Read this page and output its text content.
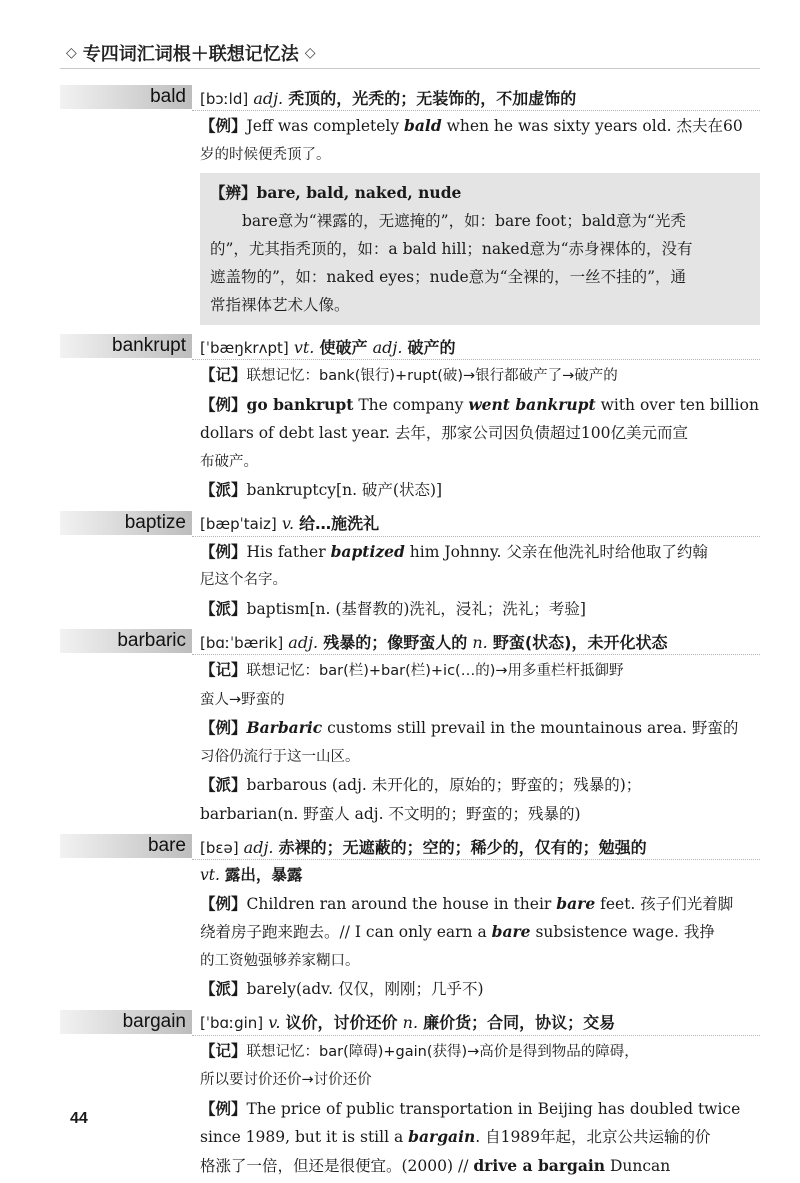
◇ 专四词汇词根＋联想记忆法 ◇
bald [bɔːld] adj. 秃顶的，光秃的；无装饰的，不加虚饰的
【例】Jeff was completely bald when he was sixty years old. 杰夫在60
岁的时候便秃顶了。
【辨】bare, bald, naked, nude
bare意为“裸露的，无遮掩的”，如：bare foot；bald意为“光秃
的”，尤其指秃顶的，如：a bald hill；naked意为“赤身裸体的，没有
遮盖物的”，如：naked eyes；nude意为“全裸的，一丝不挂的”，通
常指裸体艺术人像。
bankrupt [ˈbæŋkrʌpt] vt. 使破产 adj. 破产的
【记】联想记忆：bank(银行)+rupt(破)→银行都破产了→破产的
【例】go bankrupt The company went bankrupt with over ten billion
dollars of debt last year. 去年，那家公司因负债超过100亿美元而宣
布破产。
【派】bankruptcy[n. 破产(状态)]
baptize [bæpˈtaiz] v. 给…施洗礼
【例】His father baptized him Johnny. 父亲在他洗礼时给他取了约翰
尼这个名字。
【派】baptism[n. (基督教的)洗礼，浸礼；洗礼；考验]
barbaric [bɑːˈbærik] adj. 残暴的；像野蛮人的 n. 野蛮(状态)，未开化状态
【记】联想记忆：bar(栏)+bar(栏)+ic(…的)→用多重栏杆抵御野
蛮人→野蛮的
【例】Barbaric customs still prevail in the mountainous area. 野蛮的
习俗仍流行于这一山区。
【派】barbarous (adj. 未开化的，原始的；野蛮的；残暴的)；
barbarian(n. 野蛮人 adj. 不文明的；野蛮的；残暴的)
bare [bɛə] adj. 赤裸的；无遮蔽的；空的；稀少的，仅有的；勉强的
vt. 露出，暴露
【例】Children ran around the house in their bare feet. 孩子们光着脚
绕着房子跑来跑去。// I can only earn a bare subsistence wage. 我挣
的工资勉强够养家糊口。
【派】barely(adv. 仅仅，刚刚；几乎不)
bargain [ˈbɑːgin] v. 议价，讨价还价 n. 廉价货；合同，协议；交易
【记】联想记忆：bar(障碍)+gain(获得)→高价是得到物品的障碍，
所以要讨价还价→讨价还价
【例】The price of public transportation in Beijing has doubled twice
since 1989, but it is still a bargain. 自1989年起，北京公共运输的价
格涨了一倍，但还是很便宜。(2000) // drive a bargain Duncan
44
